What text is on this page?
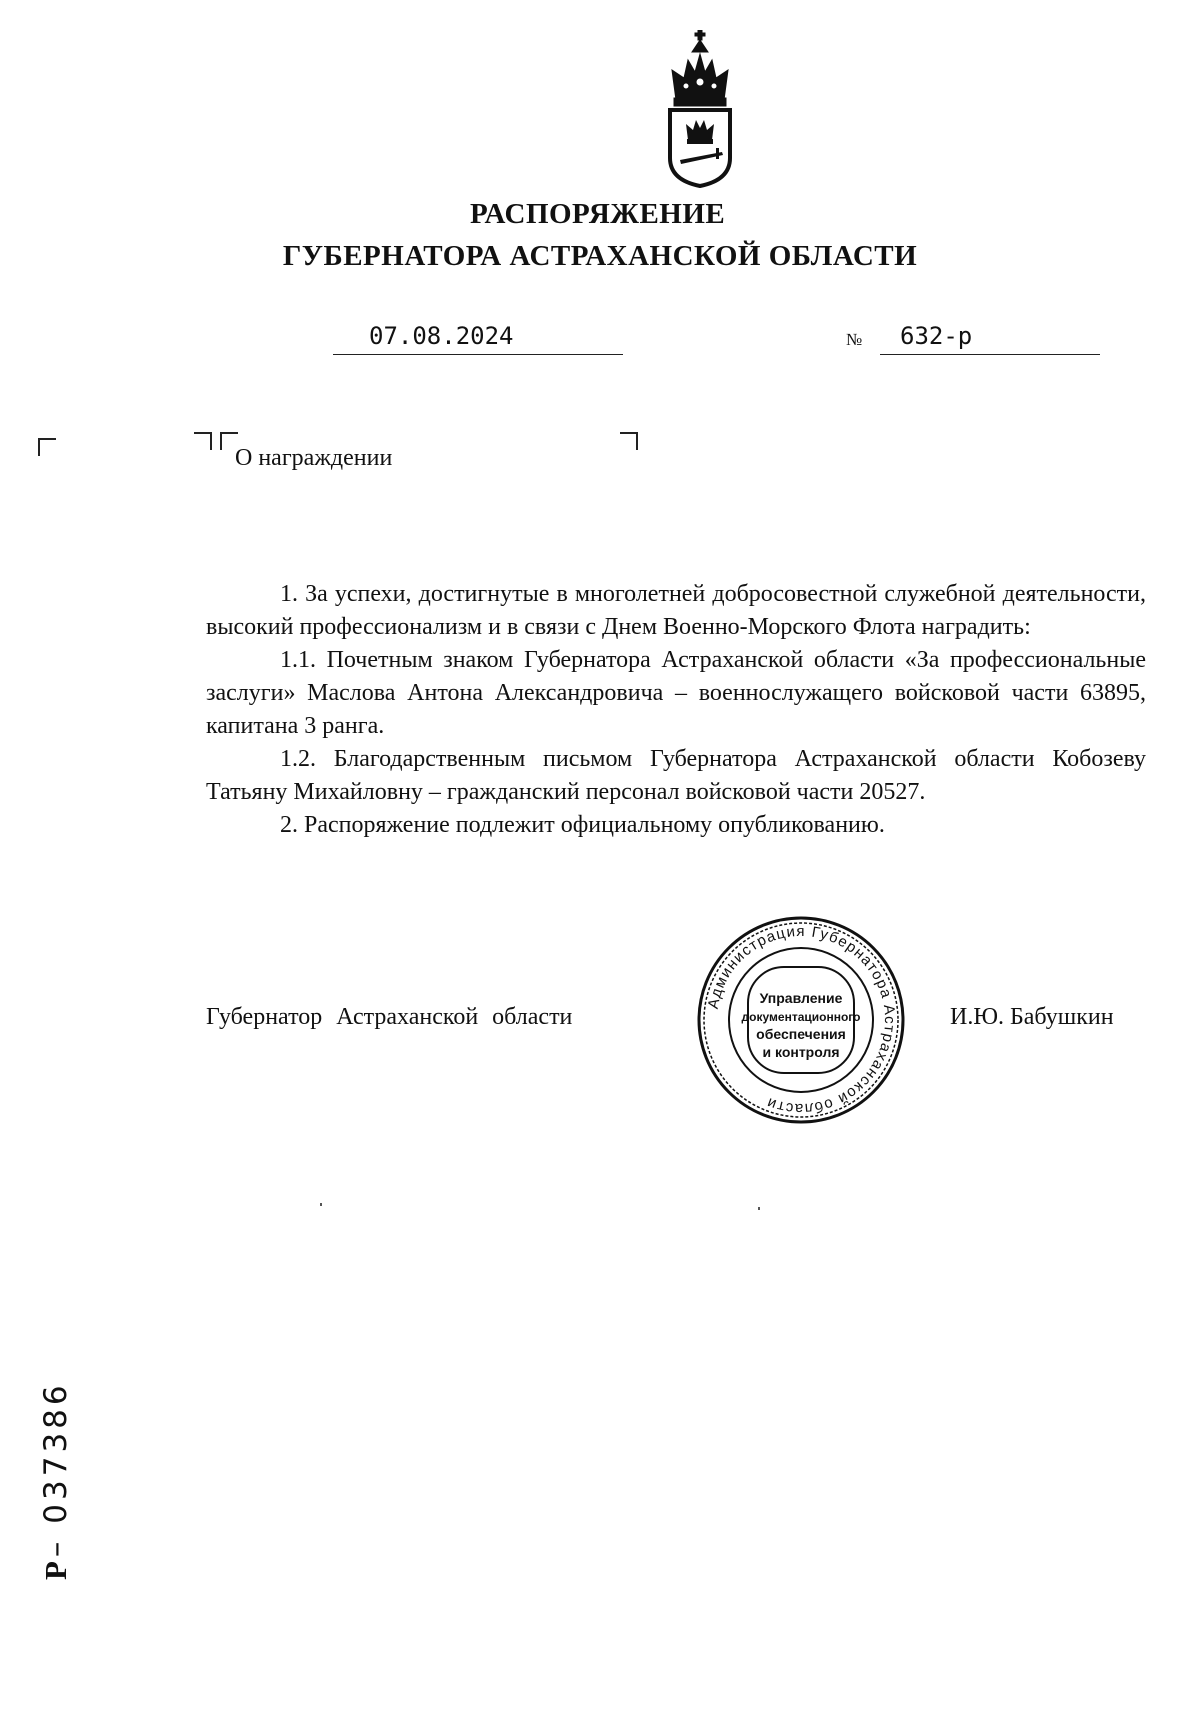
РАСПОРЯЖЕНИЕ
ГУБЕРНАТОРА АСТРАХАНСКОЙ ОБЛАСТИ
07.08.2024	№ 632-р
О награждении

1. За успехи, достигнутые в многолетней добросовестной служебной деятельности, высокий профессионализм и в связи с Днем Военно-Морского Флота наградить:

1.1. Почетным знаком Губернатора Астраханской области «За профессиональные заслуги» Маслова Антона Александровича – военнослужащего войсковой части 63895, капитана 3 ранга.

1.2. Благодарственным письмом Губернатора Астраханской области Кобозеву Татьяну Михайловну – гражданский персонал войсковой части 20527.

2. Распоряжение подлежит официальному опубликованию.

Губернатор Астраханской области	И.Ю. Бабушкин
Администрация Губернатора Астраханской области
Управление
документационного
обеспечения
и контроля
Р– 037386
